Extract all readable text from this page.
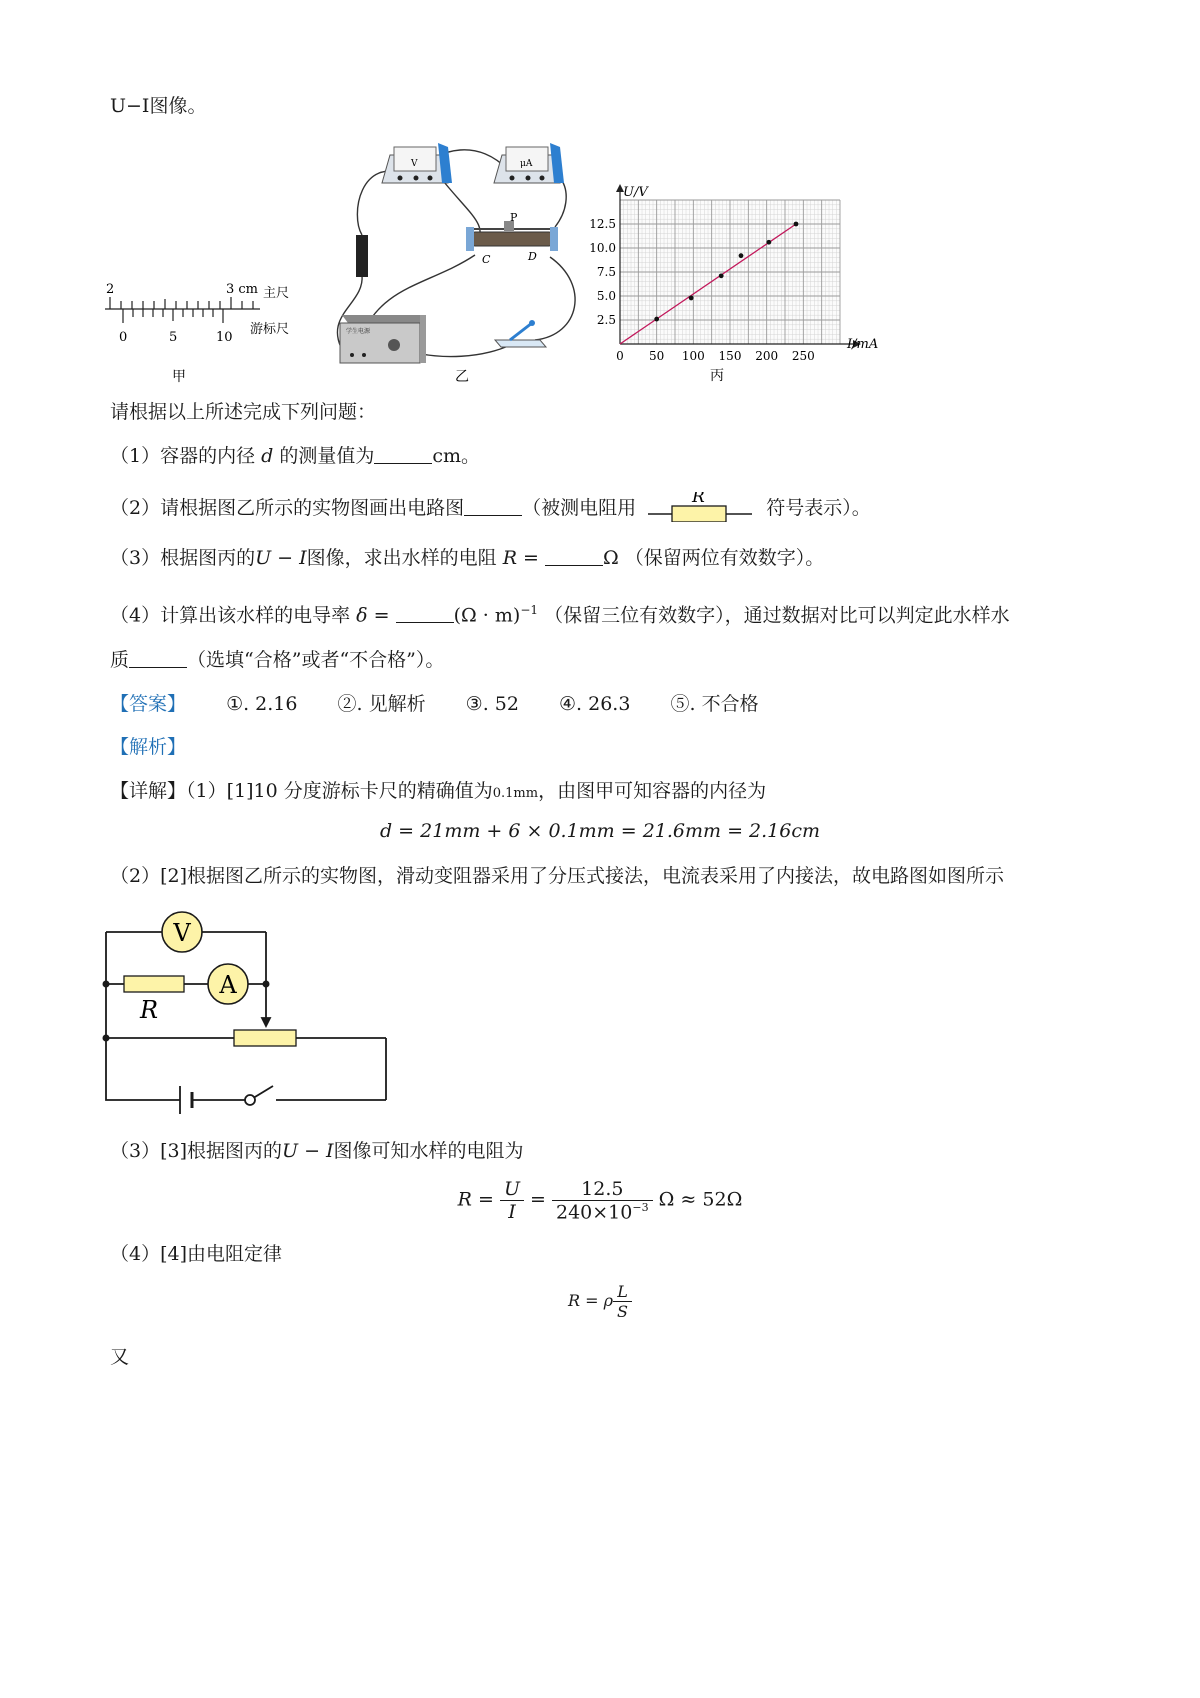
U−I图像。
2	3 cm 主尺
0	5	10
游标尺
甲
V	μA
P
C	D
学生电源
乙
U/V
I/mA
12.5
10.0
7.5
5.0
2.5
0 50 100 150 200 250
丙
请根据以上所述完成下列问题：
（1）容器的内径 d 的测量值为	cm。
（2）请根据图乙所示的实物图画出电路图	（被测电阻用	R	符号表示）。
（3）根据图丙的U − I图像，求出水样的电阻 R =	Ω （保留两位有效数字）。
（4）计算出该水样的电导率 δ =	$(\Omega \cdot m)^{-1}$ （保留三位有效数字），通过数据对比可以判定此水样水
质	（选填“合格”或者“不合格”）。
【答案】 ①. 2.16 ②. 见解析 ③. 52 ④. 26.3 ⑤. 不合格
【解析】
【详解】（1）[1]10 分度游标卡尺的精确值为0.1mm，由图甲可知容器的内径为
d = 21mm + 6 × 0.1mm = 21.6mm = 2.16cm
（2）[2]根据图乙所示的实物图，滑动变阻器采用了分压式接法，电流表采用了内接法，故电路图如图所示
V
R
A
（3）[3]根据图丙的U − I图像可知水样的电阻为
$R = \frac{U}{I} = \frac{12.5}{240\times 10^{-3}}$ Ω ≈ 52Ω
（4）[4]由电阻定律
R = ρ $\frac{L}{S}$
又
